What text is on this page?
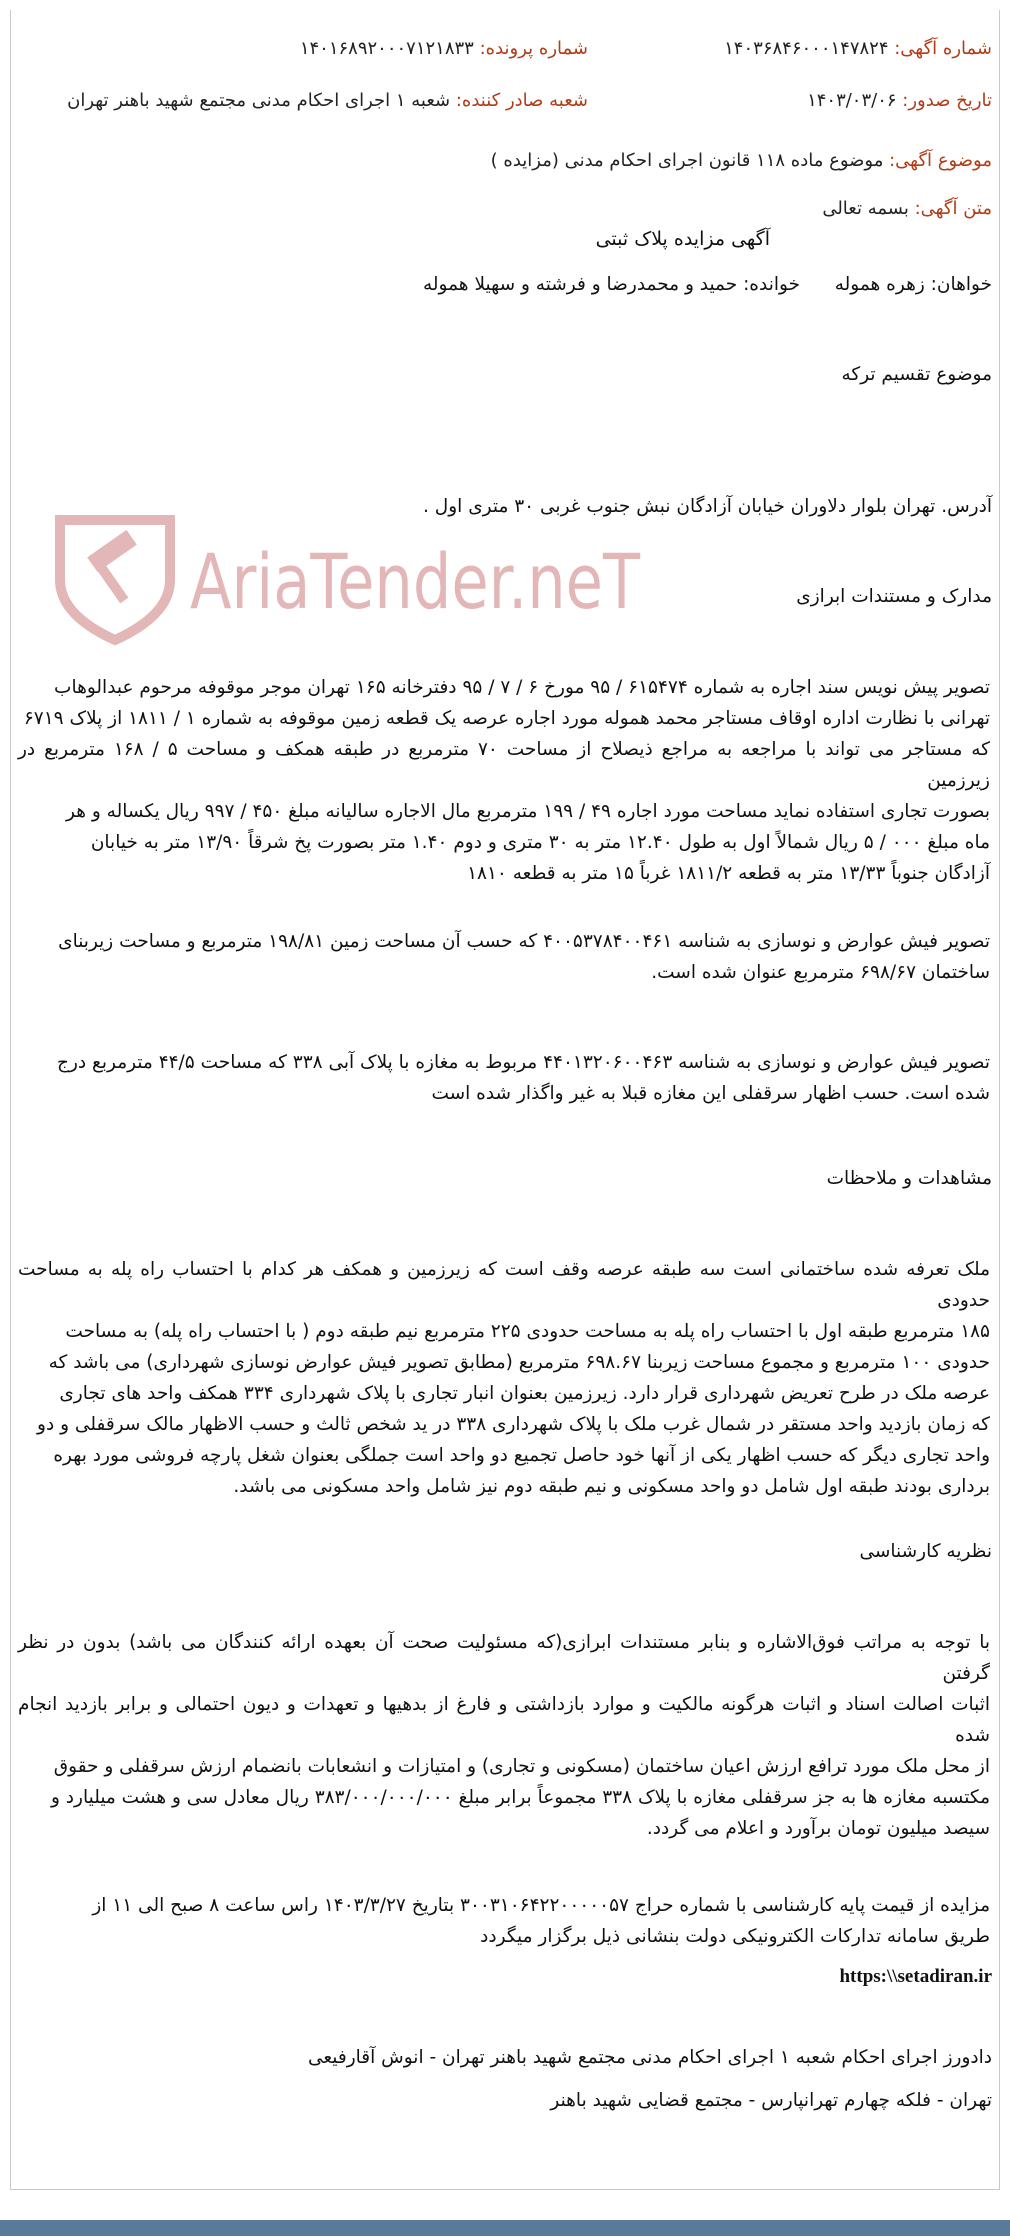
شماره آگهی: ۱۴۰۳۶۸۴۶۰۰۰۱۴۷۸۲۴
شماره پرونده: ۱۴۰۱۶۸۹۲۰۰۰۷۱۲۱۸۳۳
تاریخ صدور: ۱۴۰۳/۰۳/۰۶
شعبه صادر کننده: شعبه ۱ اجرای احکام مدنی مجتمع شهید باهنر تهران
موضوع آگهی: موضوع ماده ۱۱۸ قانون اجرای احکام مدنی (مزایده )
متن آگهی: بسمه تعالی
AriaTender.neT
آگهی مزایده پلاک ثبتی
خواهان: زهره هموله
خوانده: حمید و محمدرضا و فرشته و سهیلا هموله
موضوع تقسیم ترکه
آدرس. تهران بلوار دلاوران خیابان آزادگان نبش جنوب غربی ۳۰ متری اول .
مدارک و مستندات ابرازی
تصویر پیش نویس سند اجاره به شماره ۶۱۵۴۷۴ / ۹۵ مورخ ۶ / ۷ / ۹۵ دفترخانه ۱۶۵ تهران موجر موقوفه مرحوم عبدالوهاب
تهرانی با نظارت اداره اوقاف مستاجر محمد هموله مورد اجاره عرصه یک قطعه زمین موقوفه به شماره ۱ / ۱۸۱۱ از پلاک ۶۷۱۹
که مستاجر می تواند با مراجعه به مراجع ذیصلاح از مساحت ۷۰ مترمربع در طبقه همکف و مساحت ۵ / ۱۶۸ مترمربع در زیرزمین
بصورت تجاری استفاده نماید مساحت مورد اجاره ۴۹ / ۱۹۹ مترمربع مال الاجاره سالیانه مبلغ ۴۵۰ / ۹۹۷ ریال یکساله و هر
ماه مبلغ ۰۰۰ / ۵ ریال شمالاً اول به طول ۱۲.۴۰ متر به ۳۰ متری و دوم ۱.۴۰ متر بصورت پخ شرقاً ۱۳/۹۰ متر به خیابان
آزادگان جنوباً ۱۳/۳۳ متر به قطعه ۱۸۱۱/۲ غرباً ۱۵ متر به قطعه ۱۸۱۰
تصویر فیش عوارض و نوسازی به شناسه ۴۰۰۵۳۷۸۴۰۰۴۶۱ که حسب آن مساحت زمین ۱۹۸/۸۱ مترمربع و مساحت زیربنای
ساختمان ۶۹۸/۶۷ مترمربع عنوان شده است.
تصویر فیش عوارض و نوسازی به شناسه ۴۴۰۱۳۲۰۶۰۰۴۶۳ مربوط به مغازه با پلاک آبی ۳۳۸ که مساحت ۴۴/۵ مترمربع درج
شده است. حسب اظهار سرقفلی این مغازه قبلا به غیر واگذار شده است
مشاهدات و ملاحظات
ملک تعرفه شده ساختمانی است سه طبقه عرصه وقف است که زیرزمین و همکف هر کدام با احتساب راه پله به مساحت حدودی
۱۸۵ مترمربع طبقه اول با احتساب راه پله به مساحت حدودی ۲۲۵ مترمربع نیم طبقه دوم ( با احتساب راه پله) به مساحت
حدودی ۱۰۰ مترمربع و مجموع مساحت زیربنا ۶۹۸.۶۷ مترمربع (مطابق تصویر فیش عوارض نوسازی شهرداری) می باشد که
عرصه ملک در طرح تعریض شهرداری قرار دارد. زیرزمین بعنوان انبار تجاری با پلاک شهرداری ۳۳۴ همکف واحد های تجاری
که زمان بازدید واحد مستقر در شمال غرب ملک با پلاک شهرداری ۳۳۸ در ید شخص ثالث و حسب الاظهار مالک سرقفلی و دو
واحد تجاری دیگر که حسب اظهار یکی از آنها خود حاصل تجمیع دو واحد است جملگی بعنوان شغل پارچه فروشی مورد بهره
برداری بودند طبقه اول شامل دو واحد مسکونی و نیم طبقه دوم نیز شامل واحد مسکونی می باشد.
نظریه کارشناسی
با توجه به مراتب فوق‌الاشاره و بنابر مستندات ابرازی(که مسئولیت صحت آن بعهده ارائه کنندگان می باشد) بدون در نظر گرفتن
اثبات اصالت اسناد و اثبات هرگونه مالکیت و موارد بازداشتی و فارغ از بدهیها و تعهدات و دیون احتمالی و برابر بازدید انجام شده
از محل ملک مورد ترافع ارزش اعیان ساختمان (مسکونی و تجاری) و امتیازات و انشعابات بانضمام ارزش سرقفلی و حقوق
مکتسبه مغازه ها به جز سرقفلی مغازه با پلاک ۳۳۸ مجموعاً برابر مبلغ ۳۸۳/۰۰۰/۰۰۰/۰۰۰ ریال معادل سی و هشت میلیارد و
سیصد میلیون تومان برآورد و اعلام می گردد.
مزایده از قیمت پایه کارشناسی با شماره حراج ۳۰۰۳۱۰۶۴۲۲۰۰۰۰۰۵۷ بتاریخ ۱۴۰۳/۳/۲۷ راس ساعت ۸ صبح الی ۱۱ از
طریق سامانه تدارکات الکترونیکی دولت بنشانی ذیل برگزار میگردد
https:\\setadiran.ir
دادورز اجرای احکام شعبه ۱ اجرای احکام مدنی مجتمع شهید باهنر تهران - انوش آقارفیعی
تهران - فلکه چهارم تهرانپارس - مجتمع قضایی شهید باهنر
